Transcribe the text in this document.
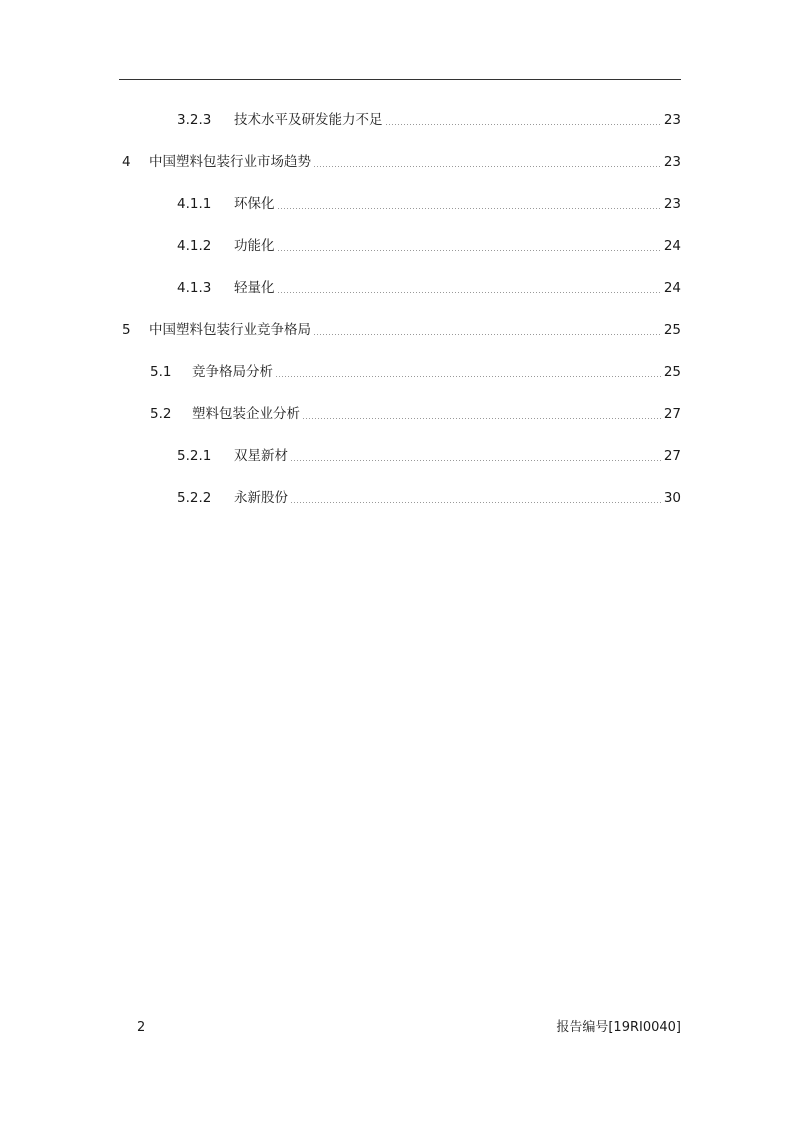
3.2.3	技术水平及研发能力不足	23
4	中国塑料包装行业市场趋势	23
4.1.1	环保化	23
4.1.2	功能化	24
4.1.3	轻量化	24
5	中国塑料包装行业竞争格局	25
5.1	竞争格局分析	25
5.2	塑料包装企业分析	27
5.2.1	双星新材	27
5.2.2	永新股份	30
2	报告编号[19RI0040]
